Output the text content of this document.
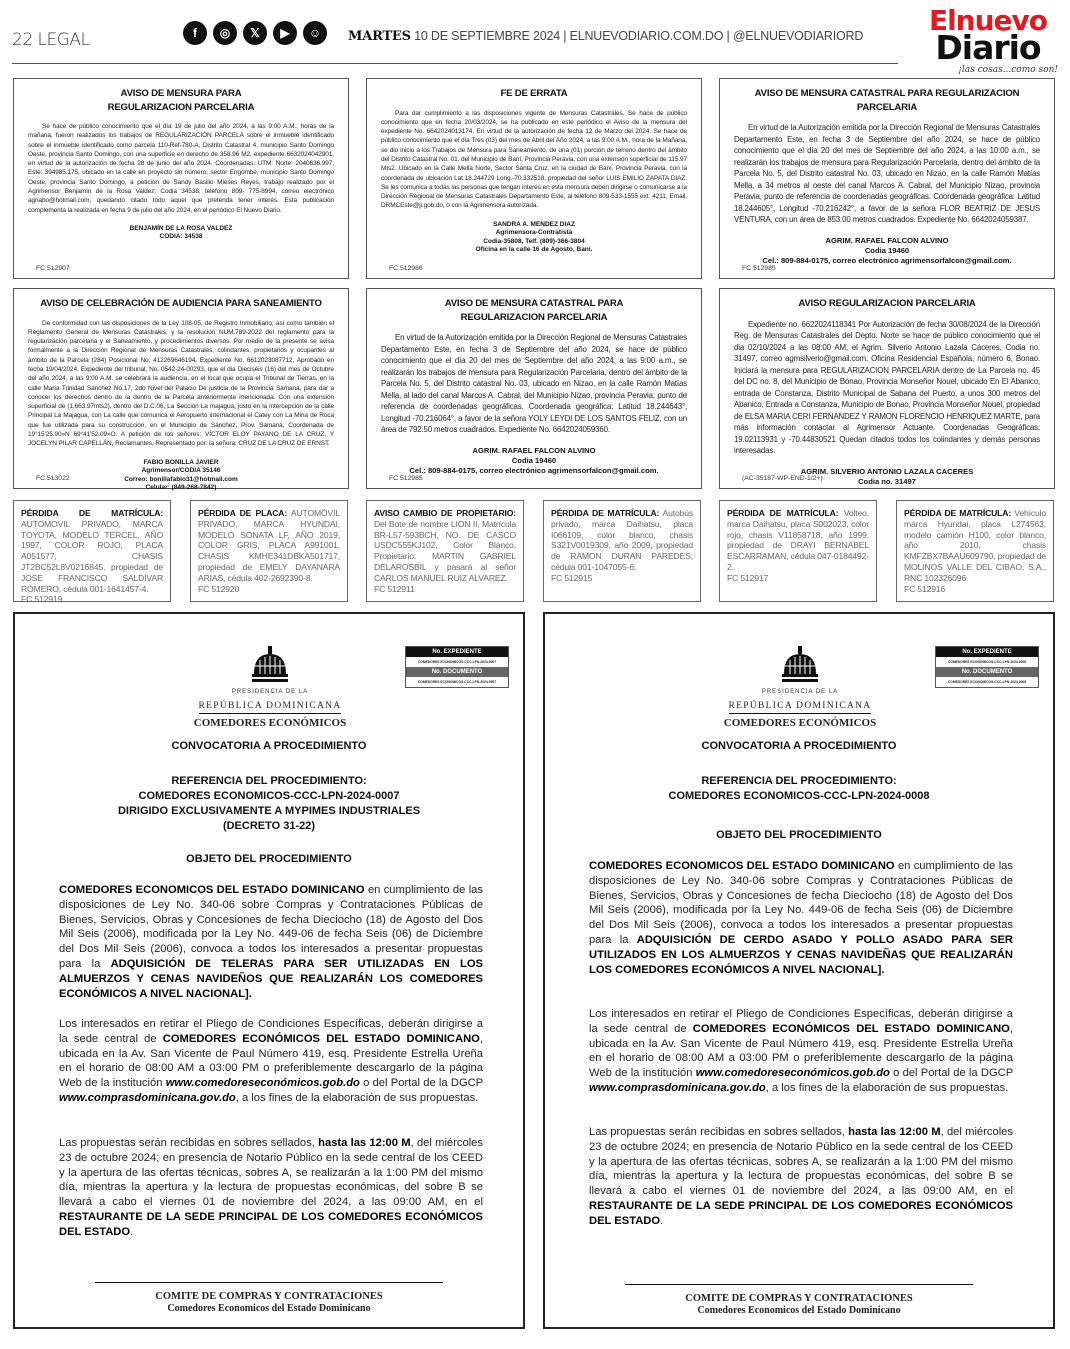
22 LEGAL	f	◎	𝕏	▶	☺	MARTES 10 DE SEPTIEMBRE 2024 | ELNUEVODIARIO.COM.DO | @ELNUEVODIARIORD	Elnuevo
Diario
¡las cosas...como son!
AVISO DE MENSURA PARA
REGULARIZACION PARCELARIA

Se hace de público conocimiento que el día 19 de julio del año 2024, a las 9:00 A.M., horas de la mañana, fueron realizados los trabajos de REGULARIZACIÓN PARCELA sobre el inmueble identificado sobre el inmueble identificado como parcela 110-Ref-780-A, Distrito Catastral 4, municipio Santo Domingo Oeste, provincia Santo Domingo, con una superficie en derecho de 358.96 M2, expediente 6632024042901, en virtud de la autorización de fecha 28 de junio del año 2024. Coordenadas: UTM: Norte: 2040636.997, Este: 394985.175, ubicado en la calle en proyecto sin número, sector Engombe, municipio Santo Domingo Oeste, provincia Santo Domingo, a petición de Sandy Basilio Mieses Reyes, trabajo realizado por el Agrimensor Benjamín de la Rosa Valdez, Codia 34538, teléfono 809- 775-8994, correo electrónico agriabo@hotmail.com, quedando citado todo aquel que pretenda tener interés. Esta publicación complementa la realizada en fecha 9 de julio del año 2024, en el periódico El Nuevo Diario.

BENJAMÍN DE LA ROSA VALDEZ
CODIA: 34538
FC 512907
FE DE ERRATA

Para dar cumplimiento a las disposiciones vigente de Mensuras Catastrales. Se hace de público conocimiento que en fecha 20/03/2024, se ha publicado en este periódico el Aviso de la mensura del expediente No. 6642024013174. En virtud de la autorización de fecha 12 de Marzo del 2024. Se hace de público conocimiento que el día Tres (03) del mes de Abril del Año 2024, a las 9:00 A.M., hora de la Mañana, se dio inicio a los Trabajos de Mensura para Saneamiento, de una (01) porción de terreno dentro del ámbito del Distrito Catastral No. 01. del Municipio de Baní, Provincia Peravia, con una extensión superficial de 115.97 Mts2. Ubicado en la Calle Mella Norte, Sector Santa Cruz. en la ciudad de Baní, Provincia Peravia, con la coordenada de ubicación Lat.18.244729 Long.-70.332518, propiedad del señor LUIS EMILIO ZAPATA DIAZ. Se les comunica a todas las personas que tengan interés en esta mensura deben dirigirse o comunicarse a la Dirección Regional de Mensuras Catastrales Departamento Este, al teléfono 809-533-1555 ext. 4211, Email. DRMCEste@ji.gob.do, o con la Agrimensora autorizada.

SANDRA A. MENDEZ DIAZ
Agrimensora-Contratista
Codia-35808, Telf. (809)-366-3804
Oficina en la calle 16 de Agosto, Baní.
FC 512986
AVISO DE MENSURA CATASTRAL PARA REGULARIZACION PARCELARIA

En virtud de la Autorización emitida por la Dirección Regional de Mensuras Catastrales Departamento Este, en fecha 3 de Septiembre del año 2024, se hace de público conocimiento que el día 20 del mes de Septiembre del año 2024, a las 10:00 a.m., se realizarán los trabajos de mensura para Regularización Parcelaria, dentro del ámbito de la Parcela No. 5, del Distrito catastral No. 03, ubicado en Nizao, en la calle Ramón Matías Mella, a 34 metros al oeste del canal Marcos A. Cabral, del Municipio Nizao, provincia Peravia, punto de referencia de coordenadas geográficas. Coordenada geográfica: Latitud 18.244605°, Longitud -70.216242°, a favor de la señora FLOR BEATRIZ DE JESUS VENTURA, con un área de 853.00 metros cuadrados. Expediente No. 6642024059387.

AGRIM. RAFAEL FALCON ALVINO
Codia 19460
Cel.: 809-884-0175, correo electrónico agrimensorfalcon@gmail.com.
FC 512985
AVISO DE CELEBRACIÓN DE AUDIENCIA PARA SANEAMIENTO

De conformidad con las disposiciones de la Ley 108-05, de Registro Inmobiliario; así como también el Reglamento General de Mensuras Catastrales, y la resolución NUM.789-2022 del reglamento para la regularización parcelaria y el Saneamiento, y procedimientos diversos. Por medio de la presente se avisa formalmente a la Dirección Regional de Mensuras Catastrales, colindantes, propietarios y ocupantes al ámbito de la Parcela (284) Posicional No. 412269646194. Expediente No. 6612023087712, Aprobado en fecha 19/04/2024, Expediente del tribunal, No. 0542-24-00293, que el dia Dieciséis (16) del mes de Octubre del año 2024, a las 9:00 A.M. se celebrará la audiencia, en el local que ocupa el Tribunal de Tierras, en la calle María Trinidad Sánchez No.17, 2do Nivel del Palacio De justicia de la Provincia Samaná, para dar a conocer los derechos dentro de la dentro de la Parcela anteriormente mencionada. Con una extensión superficial de (1,663.97mts2), dentro del D.C.06, La Sección La majagua, justo en la intercepción de la calle Principal La Majagua, con La calle que comunica el Aeropuerto internacional el Catey con La Mina de Roca que fue utilizada para su construcción, en el Municipio de Sánchez, Prov. Samaná, Coordenada de 19°15'25.90»N 69°41'52.09»O. A petición de los señores: VÍCTOR ELOY PAYANO DE LA CRUZ, Y JOCELYN PILAR CAPELLÁN, Reclamantes, Representado por: la señora: CRUZ DE LA CRUZ DE ERNST.

FABIO BONILLA JAVIER
Agrimensor/CODIA 35146
Correo: bonillafabio31@hotmail.com
Celular: (849-268-7842)
FC 513022
AVISO DE MENSURA CATASTRAL PARA
REGULARIZACION PARCELARIA

En virtud de la Autorización emitida por la Dirección Regional de Mensuras Catastrales Departamento Este, en fecha 3 de Septiembre del año 2024, se hace de público conocimiento que el día 20 del mes de Septiembre del año 2024, a las 9:00 a.m., se realizarán los trabajos de mensura para Regularización Parcelaria, dentro del ámbito de la Parcela No. 5, del Distrito catastral No. 03, ubicado en Nizao, en la calle Ramón Matías Mella, al lado del canal Marcos A. Cabral, del Municipio Nizao, provincia Peravia, punto de referencia de coordenadas geográficas. Coordenada geográfica: Latitud 18.244643°, Longitud -70.216064°, a favor de la señora YOLY LEYDI DE LOS SANTOS FELIZ, con un área de 792.50 metros cuadrados. Expediente No. 6642024059360.

AGRIM. RAFAEL FALCON ALVINO
Codia 19460
Cel.: 809-884-0175, correo electrónico agrimensorfalcon@gmail.com.
FC 512985
AVISO REGULARIZACION PARCELARIA

Expediente no. 6622024118341 Por Autorización de fecha 30/08/2024 de la Dirección Reg. de Mensuras Catastrales del Depto. Norte se hace de público conocimiento que el dia 02/10/2024 a las 08:00 AM, el Agrim. Silverio Antonio Lazala Cáceres, Codia no. 31497, correo agmsilverio@gmail.com, Oficina Residencial Española, número 6, Bonao. Iniciará la mensura para REGULARIZACION PARCELARIA dentro de La Parcela no. 45 del DC no. 8, del Municipio de Bonao, Provincia Monseñor Nouel, ubicado En El Abanico, entrada de Constanza, Distrito Municipal de Sabana del Puerto, a unos 300 metros del Abanico, Entrada a Constanza, Municipio de Bonao, Provincia Monseñor Nouel, propiedad de ELSA MARIA CERI FERNANDEZ Y RAMON FLORENCIO HENRIQUEZ MARTE, para más información contactar al Agrimensor Actuante. Coordenadas Geográficas: 19.02113931 y -70.44830521 Quedan citados todos los colindantes y demás personas interesadas.

AGRIM. SILVERIO ANTONIO LAZALA CACERES
Codia no. 31497
(AC-35187-WP-END-1/2+)
PÉRDIDA DE MATRÍCULA: AUTOMOVIL PRIVADO, MARCA TOYOTA, MODELO TERCEL, AÑO 1997, COLOR ROJO, PLACA A051577, CHASIS JT2BC52L8V0216845, propiedad de JOSE FRANCISCO SALDIVAR ROMERO, cédula 001-1641457-4.
FC 512919
PÉRDIDA DE PLACA: AUTOMÓVIL PRIVADO, MARCA HYUNDAI, MODELO SONATA LF, AÑO 2019, COLOR GRIS, PLACA A991001, CHASIS KMHE341DBKA501717, propiedad de EMELY DAYANARA ARIAS, cédula 402-2692390-8.
FC 512920
AVISO CAMBIO DE PROPIETARIO: Del Bote de nombre LION II, Matrícula BR-L57-593BCH, NO. DE CASCO USDC555KJ102, Color Blanco, Propietario: MARTIN GABRIEL DELAROSBIL y pasará al señor CARLOS MANUEL RUIZ ALVAREZ.
FC 512911
PÉRDIDA DE MATRÍCULA: Autobús privado, marca Daihatsu, placa I066109, color blanco, chasis S321V0019309, año 2009, propiedad de RAMON DURAN PAREDES, cédula 001-1047055-6.
FC 512915
PÉRDIDA DE MATRÍCULA: Volteo, marca Daihatsu, placa S002023, color rojo, chasis V11858718, año 1999, propiedad de DRAYI BERNABEL ESCARRAMAN, cédula 047-0184492-2.
FC 512917
PÉRDIDA DE MATRÍCULA: Vehículo marca Hyundai, placa L274563, modelo camión H100, color blanco, año 2010, chasis KMFZBX7BAAU609790, propiedad de MOLINOS VALLE DEL CIBAO, S.A., RNC 102326096.
FC 512916
PRESIDENCIA DE LA
REPÚBLICA DOMINICANA
COMEDORES ECONÓMICOS
No. EXPEDIENTE
COMEDORES ECONOMICOS-CCC-LPN-2024-0007
No. DOCUMENTO
COMEDORES ECONOMICOS-CCC-LPN-2024-0007
CONVOCATORIA A PROCEDIMIENTO
REFERENCIA DEL PROCEDIMIENTO:
COMEDORES ECONOMICOS-CCC-LPN-2024-0007
DIRIGIDO EXCLUSIVAMENTE A MYPIMES INDUSTRIALES
(DECRETO 31-22)
OBJETO DEL PROCEDIMIENTO
COMEDORES ECONOMICOS DEL ESTADO DOMINICANO en cumplimiento de las disposiciones de Ley No. 340-06 sobre Compras y Contrataciones Públicas de Bienes, Servicios, Obras y Concesiones de fecha Dieciocho (18) de Agosto del Dos Mil Seis (2006), modificada por la Ley No. 449-06 de fecha Seis (06) de Diciembre del Dos Mil Seis (2006), convoca a todos los interesados a presentar propuestas para la ADQUISICIÓN DE TELERAS PARA SER UTILIZADAS EN LOS ALMUERZOS Y CENAS NAVIDEÑOS QUE REALIZARÁN LOS COMEDORES ECONÓMICOS A NIVEL NACIONAL].
Los interesados en retirar el Pliego de Condiciones Específicas, deberán dirigirse a la sede central de COMEDORES ECONÓMICOS DEL ESTADO DOMINICANO, ubicada en la Av. San Vicente de Paul Número 419, esq. Presidente Estrella Ureña en el horario de 08:00 AM a 03:00 PM o preferiblemente descargarlo de la página Web de la institución www.comedoreseconómicos.gob.do o del Portal de la DGCP www.comprasdominicana.gov.do, a los fines de la elaboración de sus propuestas.
Las propuestas serán recibidas en sobres sellados, hasta las 12:00 M, del miércoles 23 de octubre 2024; en presencia de Notario Público en la sede central de los CEED y la apertura de las ofertas técnicas, sobres A, se realizarán a la 1:00 PM del mismo día, mientras la apertura y la lectura de propuestas económicas, del sobre B se llevará a cabo el viernes 01 de noviembre del 2024, a las 09:00 AM, en el RESTAURANTE DE LA SEDE PRINCIPAL DE LOS COMEDORES ECONÓMICOS DEL ESTADO.
COMITE DE COMPRAS Y CONTRATACIONES
Comedores Economicos del Estado Dominicano
PRESIDENCIA DE LA
REPÚBLICA DOMINICANA
COMEDORES ECONÓMICOS
No. EXPEDIENTE
COMEDORES ECONOMICOS-CCC-LPN-2024-0008
No. DOCUMENTO
COMEDORES ECONOMICOS-CCC-LPN-2024-0008
CONVOCATORIA A PROCEDIMIENTO
REFERENCIA DEL PROCEDIMIENTO:
COMEDORES ECONOMICOS-CCC-LPN-2024-0008
OBJETO DEL PROCEDIMIENTO
COMEDORES ECONOMICOS DEL ESTADO DOMINICANO en cumplimiento de las disposiciones de Ley No. 340-06 sobre Compras y Contrataciones Públicas de Bienes, Servicios, Obras y Concesiones de fecha Dieciocho (18) de Agosto del Dos Mil Seis (2006), modificada por la Ley No. 449-06 de fecha Seis (06) de Diciembre del Dos Mil Seis (2006), convoca a todos los interesados a presentar propuestas para la ADQUISICIÓN DE CERDO ASADO Y POLLO ASADO PARA SER UTILIZADOS EN LOS ALMUERZOS Y CENAS NAVIDEÑAS QUE REALIZARÁN LOS COMEDORES ECONÓMICOS A NIVEL NACIONAL].
Los interesados en retirar el Pliego de Condiciones Específicas, deberán dirigirse a la sede central de COMEDORES ECONÓMICOS DEL ESTADO DOMINICANO, ubicada en la Av. San Vicente de Paul Número 419, esq. Presidente Estrella Ureña en el horario de 08:00 AM a 03:00 PM o preferiblemente descargarlo de la página Web de la institución www.comedoreseconómicos.gob.do o del Portal de la DGCP www.comprasdominicana.gov.do, a los fines de la elaboración de sus propuestas.
Las propuestas serán recibidas en sobres sellados, hasta las 12:00 M, del miércoles 23 de octubre 2024; en presencia de Notario Público en la sede central de los CEED y la apertura de las ofertas técnicas, sobres A, se realizarán a la 1:00 PM del mismo día, mientras la apertura y la lectura de propuestas económicas, del sobre B se llevará a cabo el viernes 01 de noviembre del 2024, a las 09:00 AM, en el RESTAURANTE DE LA SEDE PRINCIPAL DE LOS COMEDORES ECONÓMICOS DEL ESTADO.
COMITE DE COMPRAS Y CONTRATACIONES
Comedores Economicos del Estado Dominicano
